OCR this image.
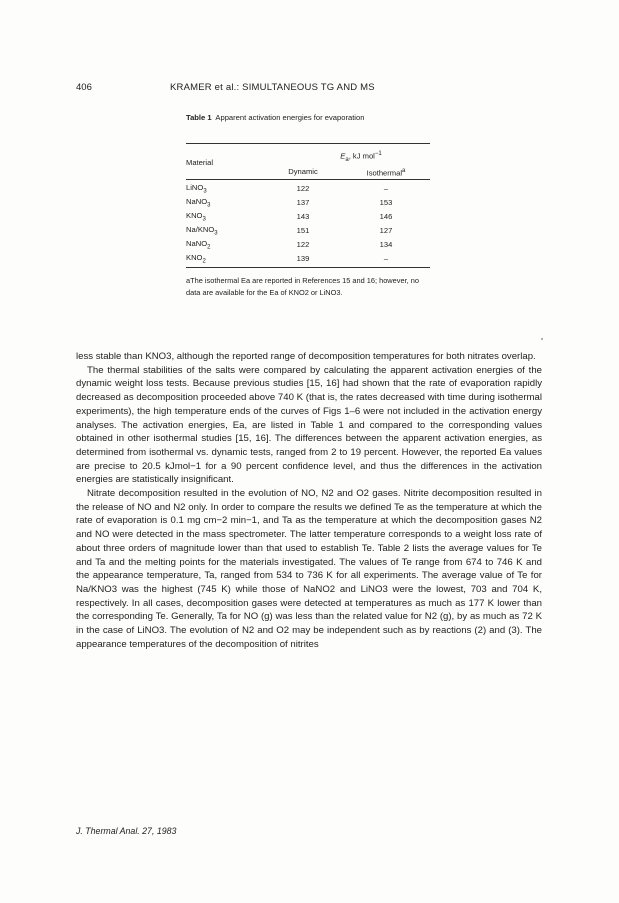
406	KRAMER et al.: SIMULTANEOUS TG AND MS
Table 1 Apparent activation energies for evaporation
Material	$E_a$, kJ mol$^{-1}$
	Dynamic	Isothermal$^a$

LiNO$_3$	122	–
NaNO$_3$	137	153
$KNO_3$	143	146
$Na/KNO_3$	151	127
NaNO$_2$	122	134
$KNO_2$	139	–

aThe isothermal Ea are reported in References 15 and 16; however, no data are available for the Ea of KNO2 or LiNO3.

less stable than KNO3, although the reported range of decomposition temperatures for both nitrates overlap.

The thermal stabilities of the salts were compared by calculating the apparent activation energies of the dynamic weight loss tests. Because previous studies [15, 16] had shown that the rate of evaporation rapidly decreased as decomposition proceeded above 740 K (that is, the rates decreased with time during isothermal experiments), the high temperature ends of the curves of Figs 1–6 were not included in the activation energy analyses. The activation energies, Ea, are listed in Table 1 and compared to the corresponding values obtained in other isothermal studies [15, 16]. The differences between the apparent activation energies, as determined from isothermal vs. dynamic tests, ranged from 2 to 19 percent. However, the reported Ea values are precise to 20.5 kJmol−1 for a 90 percent confidence level, and thus the differences in the activation energies are statistically insignificant.

Nitrate decomposition resulted in the evolution of NO, N2 and O2 gases. Nitrite decomposition resulted in the release of NO and N2 only. In order to compare the results we defined Te as the temperature at which the rate of evaporation is 0.1 mg cm−2 min−1, and Ta as the temperature at which the decomposition gases N2 and NO were detected in the mass spectrometer. The latter temperature corresponds to a weight loss rate of about three orders of magnitude lower than that used to establish Te. Table 2 lists the average values for Te and Ta and the melting points for the materials investigated. The values of Te range from 674 to 746 K and the appearance temperature, Ta, ranged from 534 to 736 K for all experiments. The average value of Te for Na/KNO3 was the highest (745 K) while those of NaNO2 and LiNO3 were the lowest, 703 and 704 K, respectively. In all cases, decomposition gases were detected at temperatures as much as 177 K lower than the corresponding Te. Generally, Ta for NO (g) was less than the related value for N2 (g), by as much as 72 K in the case of LiNO3. The evolution of N2 and O2 may be independent such as by reactions (2) and (3). The appearance temperatures of the decomposition of nitrites

J. Thermal Anal. 27, 1983
